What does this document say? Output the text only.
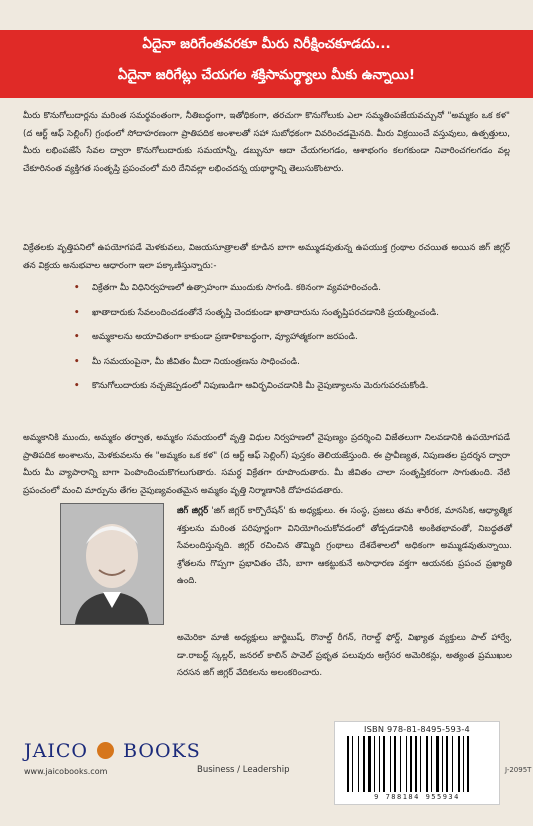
ఏదైనా జరిగేంతవరకూ మీరు నిరీక్షించకూడదు...
ఏదైనా జరిగేట్లు చేయగల శక్తిసామర్థ్యాలు మీకు ఉన్నాయి!
మీరు కొనుగోలుదార్లను మరింత సమర్థవంతంగా, నీతిబద్ధంగా, ఇతోధికంగా, తరచుగా కొనుగోలుకు ఎలా సమ్మతింపజేయవచ్చునో "అమ్మకం ఒక కళ" (ద ఆర్ట్ ఆఫ్ సెల్లింగ్) గ్రంథంలో సోదాహరణంగా ప్రాతిపదిక అంశాలతో సహా సుబోధకంగా వివరించడమైనది. మీరు విక్రయించే వస్తువులు, ఉత్పత్తులు, మీరు లభింపజేసే సేవల ద్వారా కొనుగోలుదారుకు సమయాన్నీ, డబ్బునూ ఆదా చేయగలగడం, ఆశాభంగం కలగకుండా నివారించగలగడం వల్ల చేకూరినంత వ్యక్తిగత సంతృప్తి ప్రపంచంలో మరి దేనివల్లా లభించదన్న యథార్థాన్ని తెలుసుకొంటారు.
విక్రేతలకు వృత్తిపనిలో ఉపయోగపడే మెళకువలు, విజయసూత్రాలతో కూడిన బాగా అమ్ముడవుతున్న ఉపయుక్త గ్రంథాల రచయిత అయిన జిగ్ జిగ్లర్ తన విక్రయ అనుభవాల ఆధారంగా ఇలా పక్కాణిస్తున్నారు:-
• విక్రేతగా మీ విధినిర్వహణలో ఉత్సాహంగా ముందుకు సాగండి. కఠినంగా వ్యవహరించండి.
• ఖాతాదారుకు సేవలందించడంతోనే సంతృప్తి చెందకుండా ఖాతాదారును సంతృప్తిపరచడానికి ప్రయత్నించండి.
• అమ్మకాలను అయాచితంగా కాకుండా ప్రణాళికాబద్ధంగా, వ్యూహాత్మకంగా జరపండి.
• మీ సమయంపైనా, మీ జీవితం మీదా నియంత్రణను సాధించండి.
• కొనుగోలుదారుకు నచ్చజెప్పడంలో నిపుణుడిగా ఆవిర్భవించడానికి మీ నైపుణ్యాలను మెరుగుపరచుకోండి.
అమ్మకానికి ముందు, అమ్మకం తర్వాత, అమ్మకం సమయంలో వృత్తి విధుల నిర్వహణలో నైపుణ్యం ప్రదర్శించి విజేతలుగా నిలవడానికి ఉపయోగపడే ప్రాతిపదిక అంశాలను, మెళకువలను ఈ "అమ్మకం ఒక కళ" (ద ఆర్ట్ ఆఫ్ సెల్లింగ్) పుస్తకం తెలియజేస్తుంది. ఈ ప్రావీణ్యత, నిపుణతల ప్రదర్శన ద్వారా మీరు మీ వ్యాపారాన్ని బాగా పెంపొందించుకొగలుగుతారు. సమర్థ విక్రేతగా రూపొందుతారు. మీ జీవితం చాలా సంతృప్తికరంగా సాగుతుంది. నేటి ప్రపంచంలో మంచి మార్పును తేగల నైపుణ్యవంతమైన అమ్మకం వృత్తి నిర్మాణానికి దోహదపడతారు.
జిగ్ జిగ్లర్ 'జిగ్ జిగ్లర్ కార్పొరేషన్' కు అధ్యక్షులు. ఈ సంస్థ, ప్రజలు తమ శారీరక, మానసిక, ఆధ్యాత్మిక శక్తులను మరింత పరిపూర్ణంగా వినియోగించుకోవడంలో తోడ్పడడానికి అంకితభావంతో, నిబద్ధతతో సేవలందిస్తున్నది. జిగ్లర్ రచించిన తొమ్మిది గ్రంథాలు దేశదేశాలలో అధికంగా అమ్ముడవుతున్నాయి. శ్రోతలను గొప్పగా ప్రభావితం చేసే, బాగా ఆకట్టుకునే అసాధారణ వక్తగా ఆయనకు ప్రపంచ ప్రఖ్యాతి ఉంది.
అమెరికా మాజీ అధ్యక్షులు జార్జిబుష్, రొనాల్డ్ రీగన్, గెరాల్డ్ ఫోర్డ్, విఖ్యాత వ్యక్తులు పాల్ హార్వే, డా.రాబర్ట్ స్కల్లర్, జనరల్ కాలిన్ పావెల్ ప్రభృత పలువురు అగ్రేసర అమెరికన్లు, అత్యంత ప్రముఖుల సరసన జిగ్ జిగ్లర్ వేదికలను అలంకరించారు.
JAICO BOOKS
www.jaicobooks.com	Business / Leadership
ISBN 978-81-8495-593-4
9 788184 955934
J-2095T
